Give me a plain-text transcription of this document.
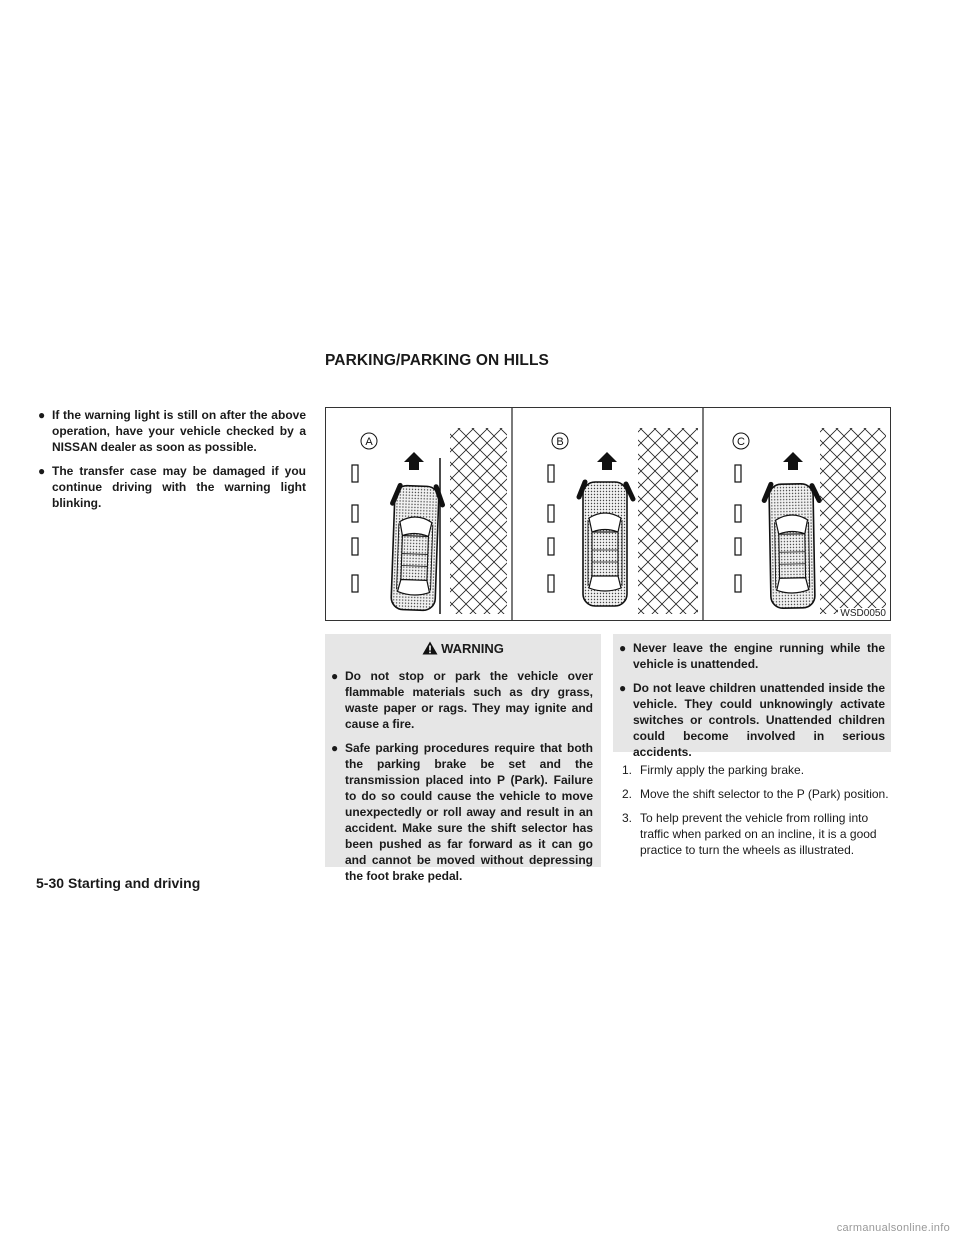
PARKING/PARKING ON HILLS
● If the warning light is still on after the above operation, have your vehicle checked by a NISSAN dealer as soon as possible.
● The transfer case may be damaged if you continue driving with the warning light blinking.
A	B	C
WSD0050
WARNING
● Do not stop or park the vehicle over flammable materials such as dry grass, waste paper or rags. They may ignite and cause a fire.
● Safe parking procedures require that both the parking brake be set and the transmission placed into P (Park). Failure to do so could cause the vehicle to move unexpectedly or roll away and result in an accident. Make sure the shift selector has been pushed as far forward as it can go and cannot be moved without depressing the foot brake pedal.
● Never leave the engine running while the vehicle is unattended.
● Do not leave children unattended inside the vehicle. They could unknowingly activate switches or controls. Unattended children could become involved in serious accidents.
1. Firmly apply the parking brake.
2. Move the shift selector to the P (Park) position.
3. To help prevent the vehicle from rolling into traffic when parked on an incline, it is a good practice to turn the wheels as illustrated.
5-30 Starting and driving
carmanualsonline.info
